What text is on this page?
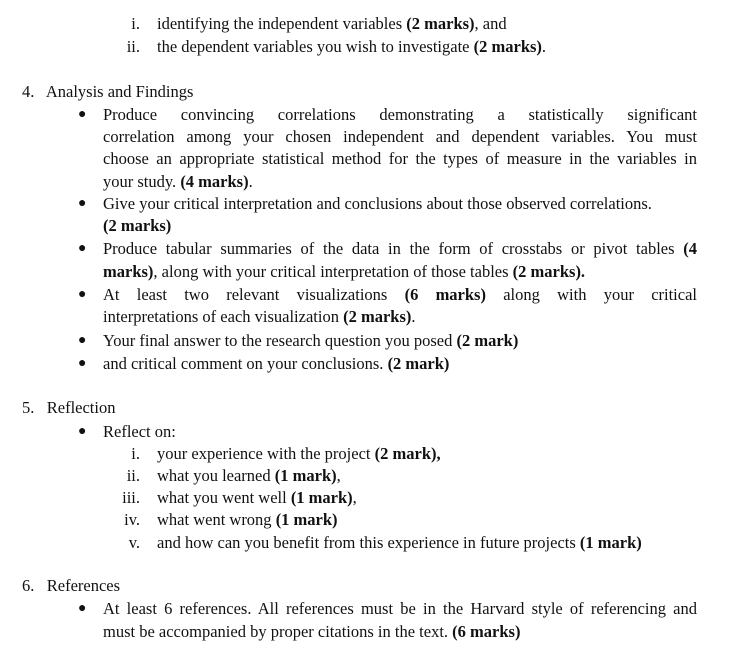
i. identifying the independent variables (2 marks), and
ii. the dependent variables you wish to investigate (2 marks).
4.   Analysis and Findings
● Produce convincing correlations demonstrating a statistically significant
correlation among your chosen independent and dependent variables. You must
choose an appropriate statistical method for the types of measure in the variables in
your study. (4 marks).
● Give your critical interpretation and conclusions about those observed correlations.
(2 marks)
● Produce tabular summaries of the data in the form of crosstabs or pivot tables (4
marks), along with your critical interpretation of those tables (2 marks).
● At least two relevant visualizations (6 marks) along with your critical
interpretations of each visualization (2 marks).
● Your final answer to the research question you posed (2 mark)
● and critical comment on your conclusions. (2 mark)
5.   Reflection
● Reflect on:
i. your experience with the project (2 mark),
ii. what you learned (1 mark),
iii. what you went well (1 mark),
iv. what went wrong (1 mark)
v. and how can you benefit from this experience in future projects (1 mark)
6.   References
● At least 6 references. All references must be in the Harvard style of referencing and
must be accompanied by proper citations in the text. (6 marks)
